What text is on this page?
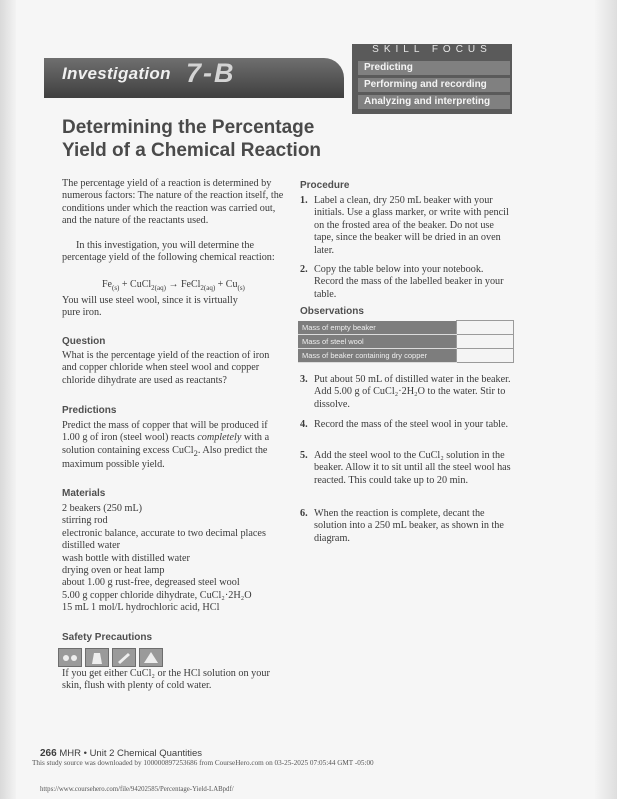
Investigation 7-B
SKILL FOCUS
Predicting
Performing and recording
Analyzing and interpreting
Determining the Percentage
Yield of a Chemical Reaction
The percentage yield of a reaction is determined by numerous factors: The nature of the reaction itself, the conditions under which the reaction was carried out, and the nature of the reactants used.
In this investigation, you will determine the percentage yield of the following chemical reaction:
$Fe_{(s)}$ + CuCl$_{2(aq)}$ → FeCl$_{2(aq)}$ + $Cu_{(s)}$
You will use steel wool, since it is virtually pure iron.
Question
What is the percentage yield of the reaction of iron and copper chloride when steel wool and copper chloride dihydrate are used as reactants?
Predictions
Predict the mass of copper that will be produced if 1.00 g of iron (steel wool) reacts completely with a solution containing excess CuCl$_2$. Also predict the maximum possible yield.
Materials
2 beakers (250 mL)
stirring rod
electronic balance, accurate to two decimal places
distilled water
wash bottle with distilled water
drying oven or heat lamp
about 1.00 g rust-free, degreased steel wool
5.00 g copper chloride dihydrate, CuCl₂·2H₂O
15 mL 1 mol/L hydrochloric acid, HCl
Safety Precautions
If you get either CuCl₂ or the HCl solution on your skin, flush with plenty of cold water.
Procedure
1. Label a clean, dry 250 mL beaker with your initials. Use a glass marker, or write with pencil on the frosted area of the beaker. Do not use tape, since the beaker will be dried in an oven later.
2. Copy the table below into your notebook. Record the mass of the labelled beaker in your table.
Observations
Mass of empty beaker	
Mass of steel wool	
Mass of beaker containing dry copper	
3. Put about 50 mL of distilled water in the beaker. Add 5.00 g of CuCl₂·2H₂O to the water. Stir to dissolve.
4. Record the mass of the steel wool in your table.
5. Add the steel wool to the CuCl₂ solution in the beaker. Allow it to sit until all the steel wool has reacted. This could take up to 20 min.
6. When the reaction is complete, decant the solution into a 250 mL beaker, as shown in the diagram.
266 MHR • Unit 2 Chemical Quantities
This study source was downloaded by 100000897253686 from CourseHero.com on 03-25-2025 07:05:44 GMT -05:00
https://www.coursehero.com/file/94202585/Percentage-Yield-LABpdf/
